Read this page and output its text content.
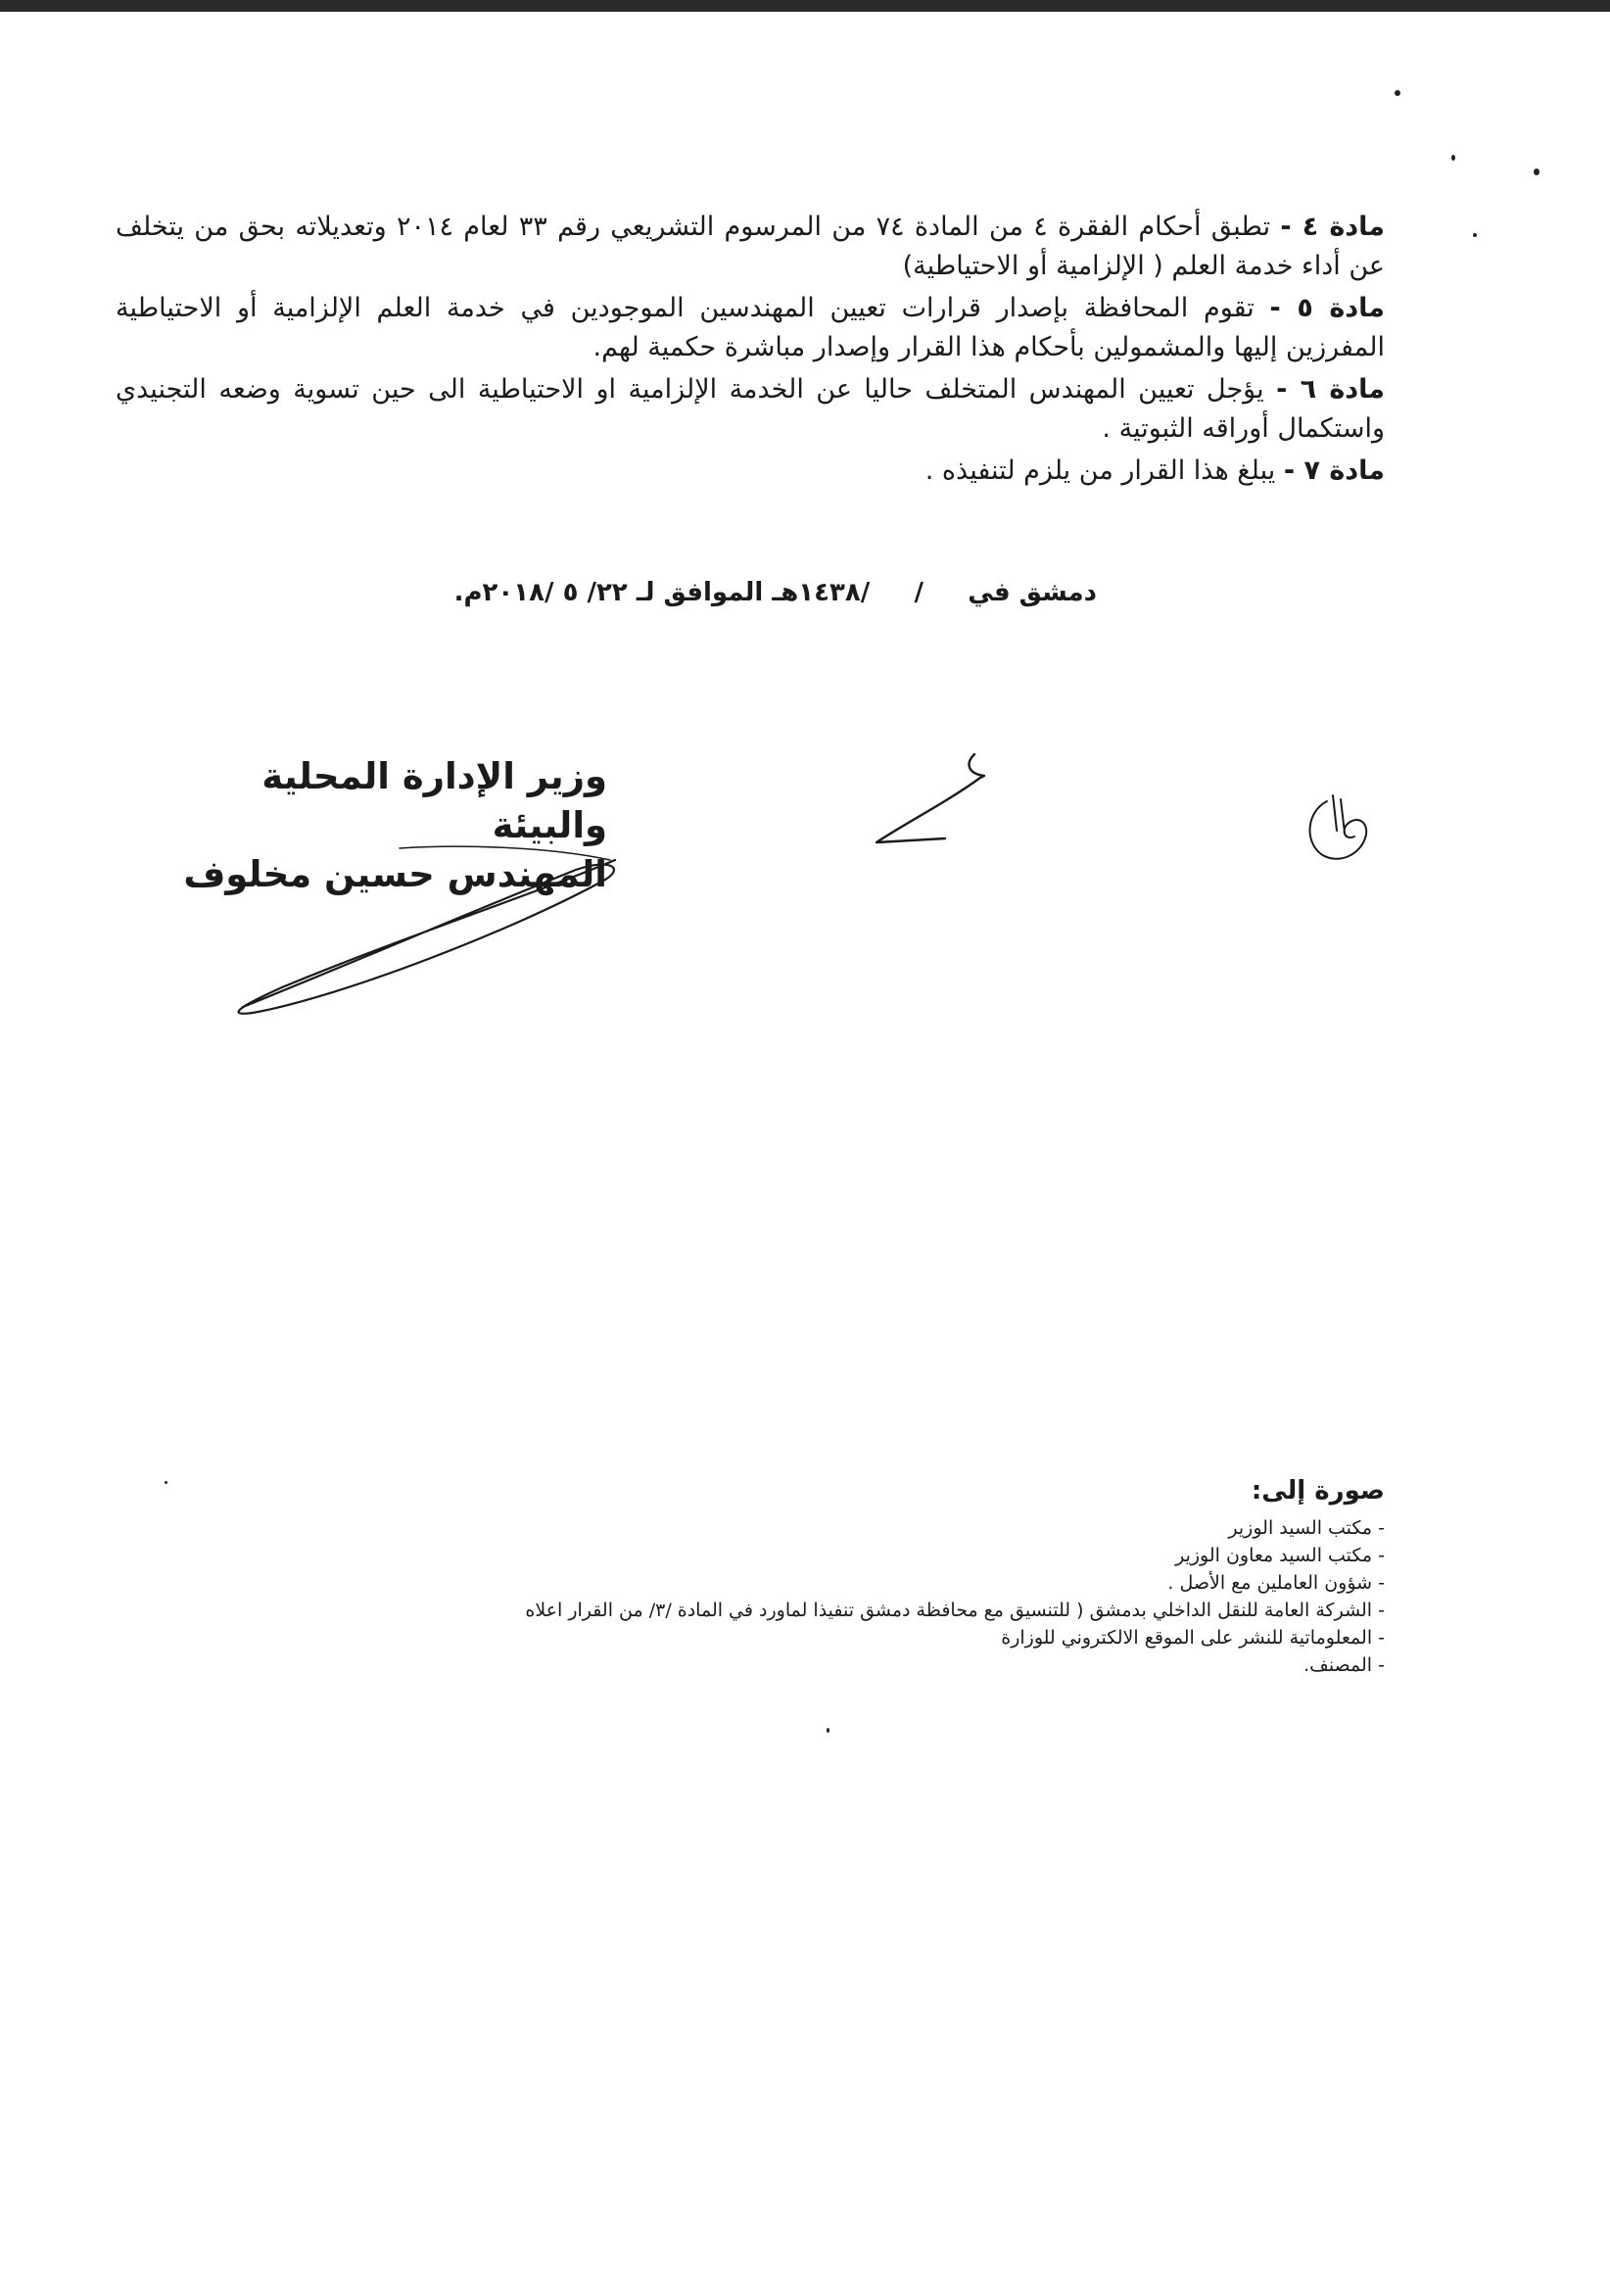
مادة ٤ - تطبق أحكام الفقرة ٤ من المادة ٧٤ من المرسوم التشريعي رقم ٣٣ لعام ٢٠١٤ وتعديلاته بحق من يتخلف عن أداء خدمة العلم ( الإلزامية أو الاحتياطية)

مادة ٥ - تقوم المحافظة بإصدار قرارات تعيين المهندسين الموجودين في خدمة العلم الإلزامية أو الاحتياطية المفرزين إليها والمشمولين بأحكام هذا القرار وإصدار مباشرة حكمية لهم.

مادة ٦ - يؤجل تعيين المهندس المتخلف حاليا عن الخدمة الإلزامية او الاحتياطية الى حين تسوية وضعه التجنيدي واستكمال أوراقه الثبوتية .

مادة ٧ - يبلغ هذا القرار من يلزم لتنفيذه .

دمشق في     /     /١٤٣٨هـ الموافق لـ ٢٢/ ٥ /٢٠١٨م.
وزير الإدارة المحلية والبيئة
المهندس حسين مخلوف
صورة إلى:
- مكتب السيد الوزير
- مكتب السيد معاون الوزير
- شؤون العاملين مع الأصل .
- الشركة العامة للنقل الداخلي بدمشق ( للتنسيق مع محافظة دمشق تنفيذا لماورد في المادة /٣/ من القرار اعلاه
- المعلوماتية للنشر على الموقع الالكتروني للوزارة
- المصنف.
